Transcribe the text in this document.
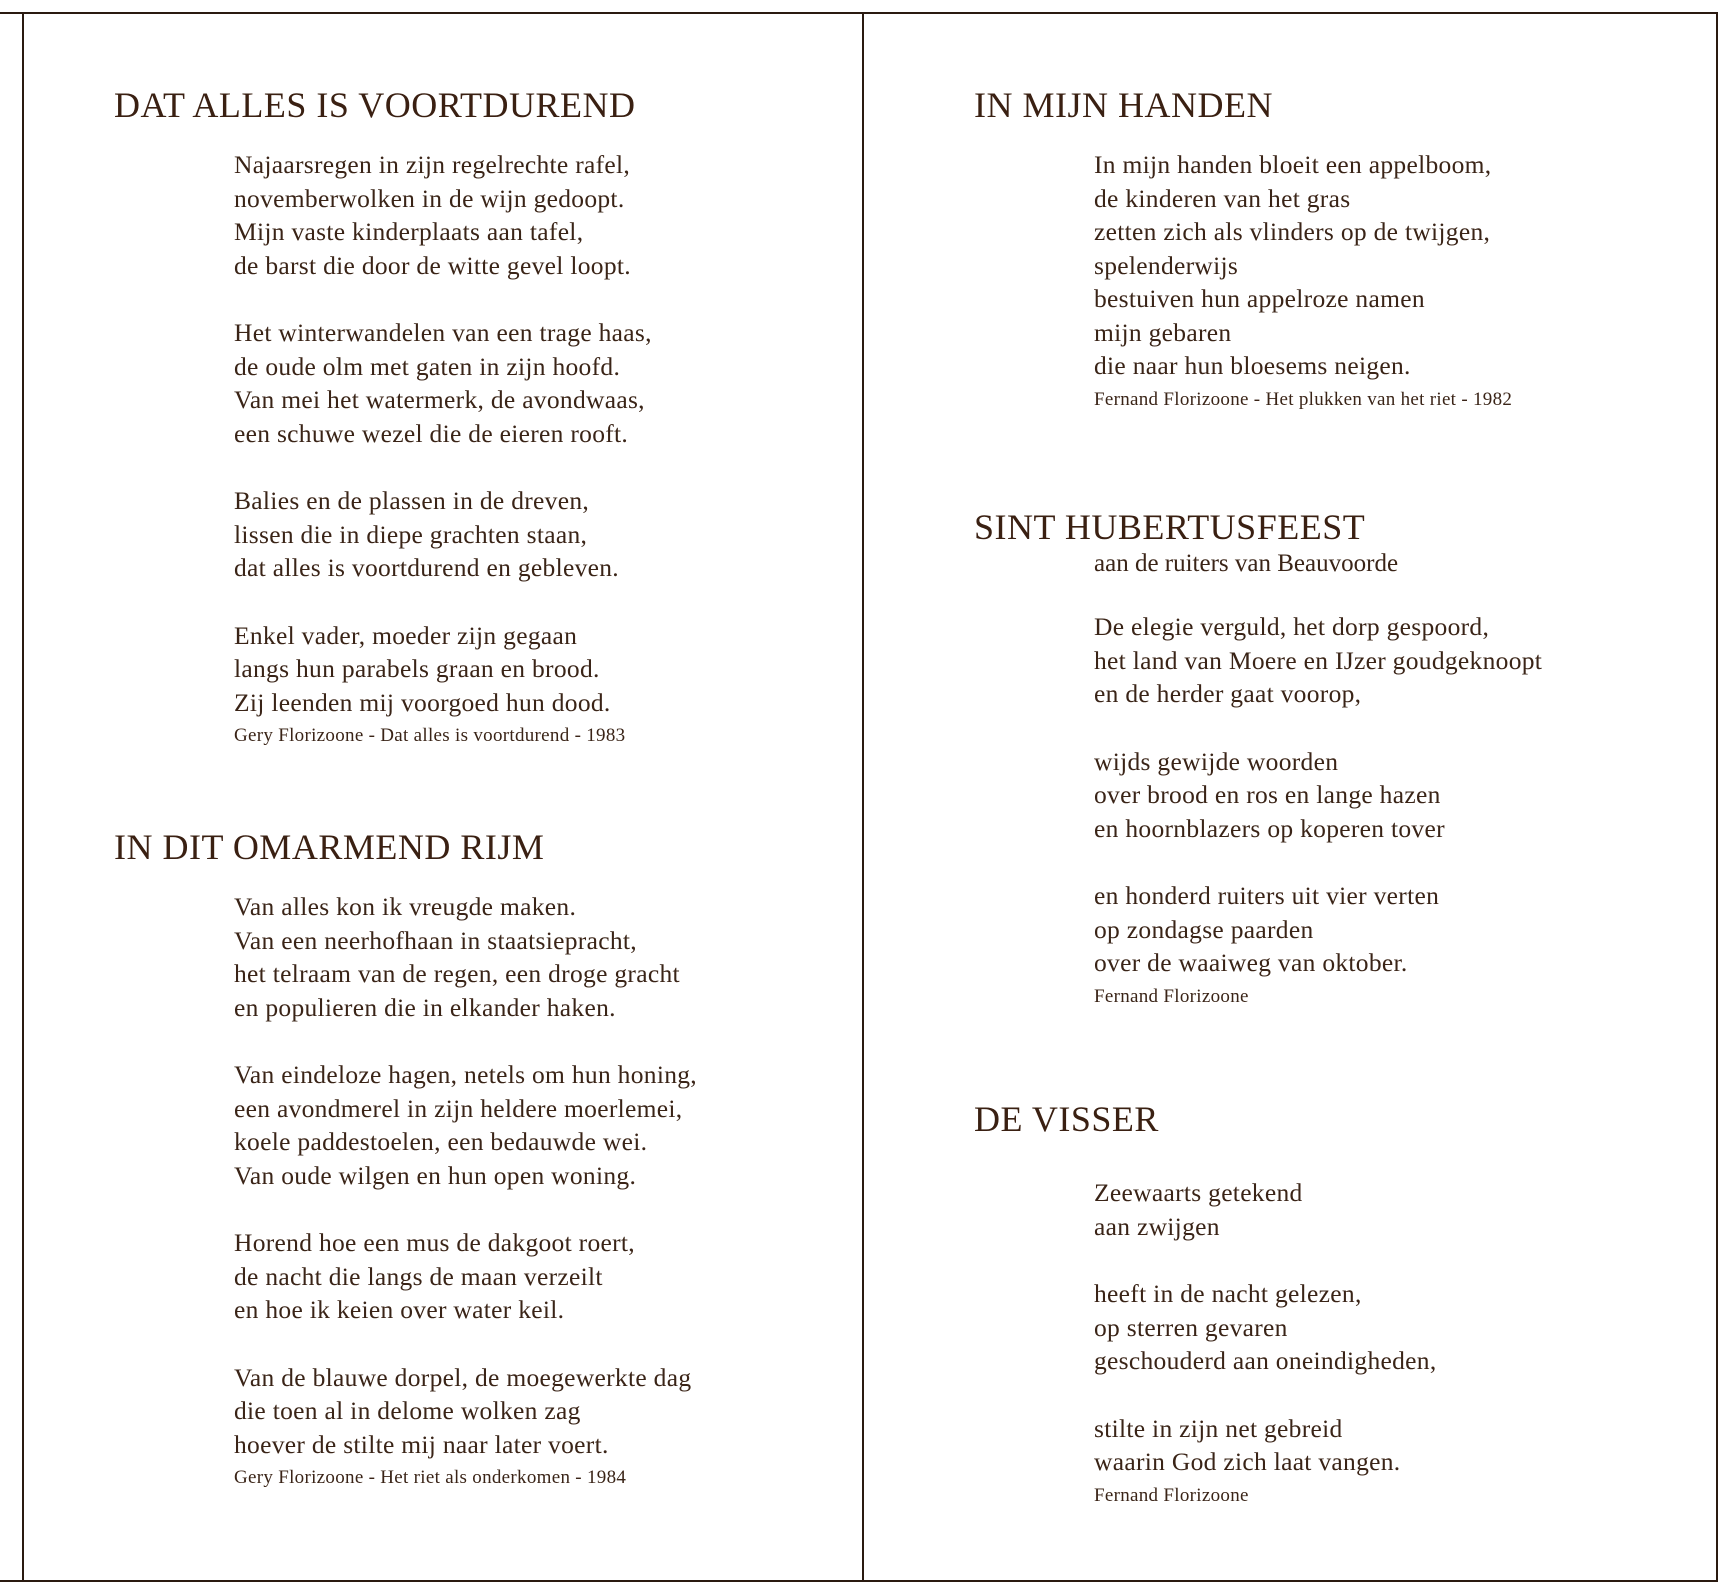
DAT ALLES IS VOORTDUREND
Najaarsregen in zijn regelrechte rafel,
novemberwolken in de wijn gedoopt.
Mijn vaste kinderplaats aan tafel,
de barst die door de witte gevel loopt.
Het winterwandelen van een trage haas,
de oude olm met gaten in zijn hoofd.
Van mei het watermerk, de avondwaas,
een schuwe wezel die de eieren rooft.
Balies en de plassen in de dreven,
lissen die in diepe grachten staan,
dat alles is voortdurend en gebleven.
Enkel vader, moeder zijn gegaan
langs hun parabels graan en brood.
Zij leenden mij voorgoed hun dood.
Gery Florizoone - Dat alles is voortdurend - 1983
IN DIT OMARMEND RIJM
Van alles kon ik vreugde maken.
Van een neerhofhaan in staatsiepracht,
het telraam van de regen, een droge gracht
en populieren die in elkander haken.
Van eindeloze hagen, netels om hun honing,
een avondmerel in zijn heldere moerlemei,
koele paddestoelen, een bedauwde wei.
Van oude wilgen en hun open woning.
Horend hoe een mus de dakgoot roert,
de nacht die langs de maan verzeilt
en hoe ik keien over water keil.
Van de blauwe dorpel, de moegewerkte dag
die toen al in delome wolken zag
hoever de stilte mij naar later voert.
Gery Florizoone - Het riet als onderkomen - 1984
IN MIJN HANDEN
In mijn handen bloeit een appelboom,
de kinderen van het gras
zetten zich als vlinders op de twijgen,
spelenderwijs
bestuiven hun appelroze namen
mijn gebaren
die naar hun bloesems neigen.
Fernand Florizoone - Het plukken van het riet - 1982
SINT HUBERTUSFEEST
aan de ruiters van Beauvoorde
De elegie verguld, het dorp gespoord,
het land van Moere en IJzer goudgeknoopt
en de herder gaat voorop,
wijds gewijde woorden
over brood en ros en lange hazen
en hoornblazers op koperen tover
en honderd ruiters uit vier verten
op zondagse paarden
over de waaiweg van oktober.
Fernand Florizoone
DE VISSER
Zeewaarts getekend
aan zwijgen
heeft in de nacht gelezen,
op sterren gevaren
geschouderd aan oneindigheden,
stilte in zijn net gebreid
waarin God zich laat vangen.
Fernand Florizoone
